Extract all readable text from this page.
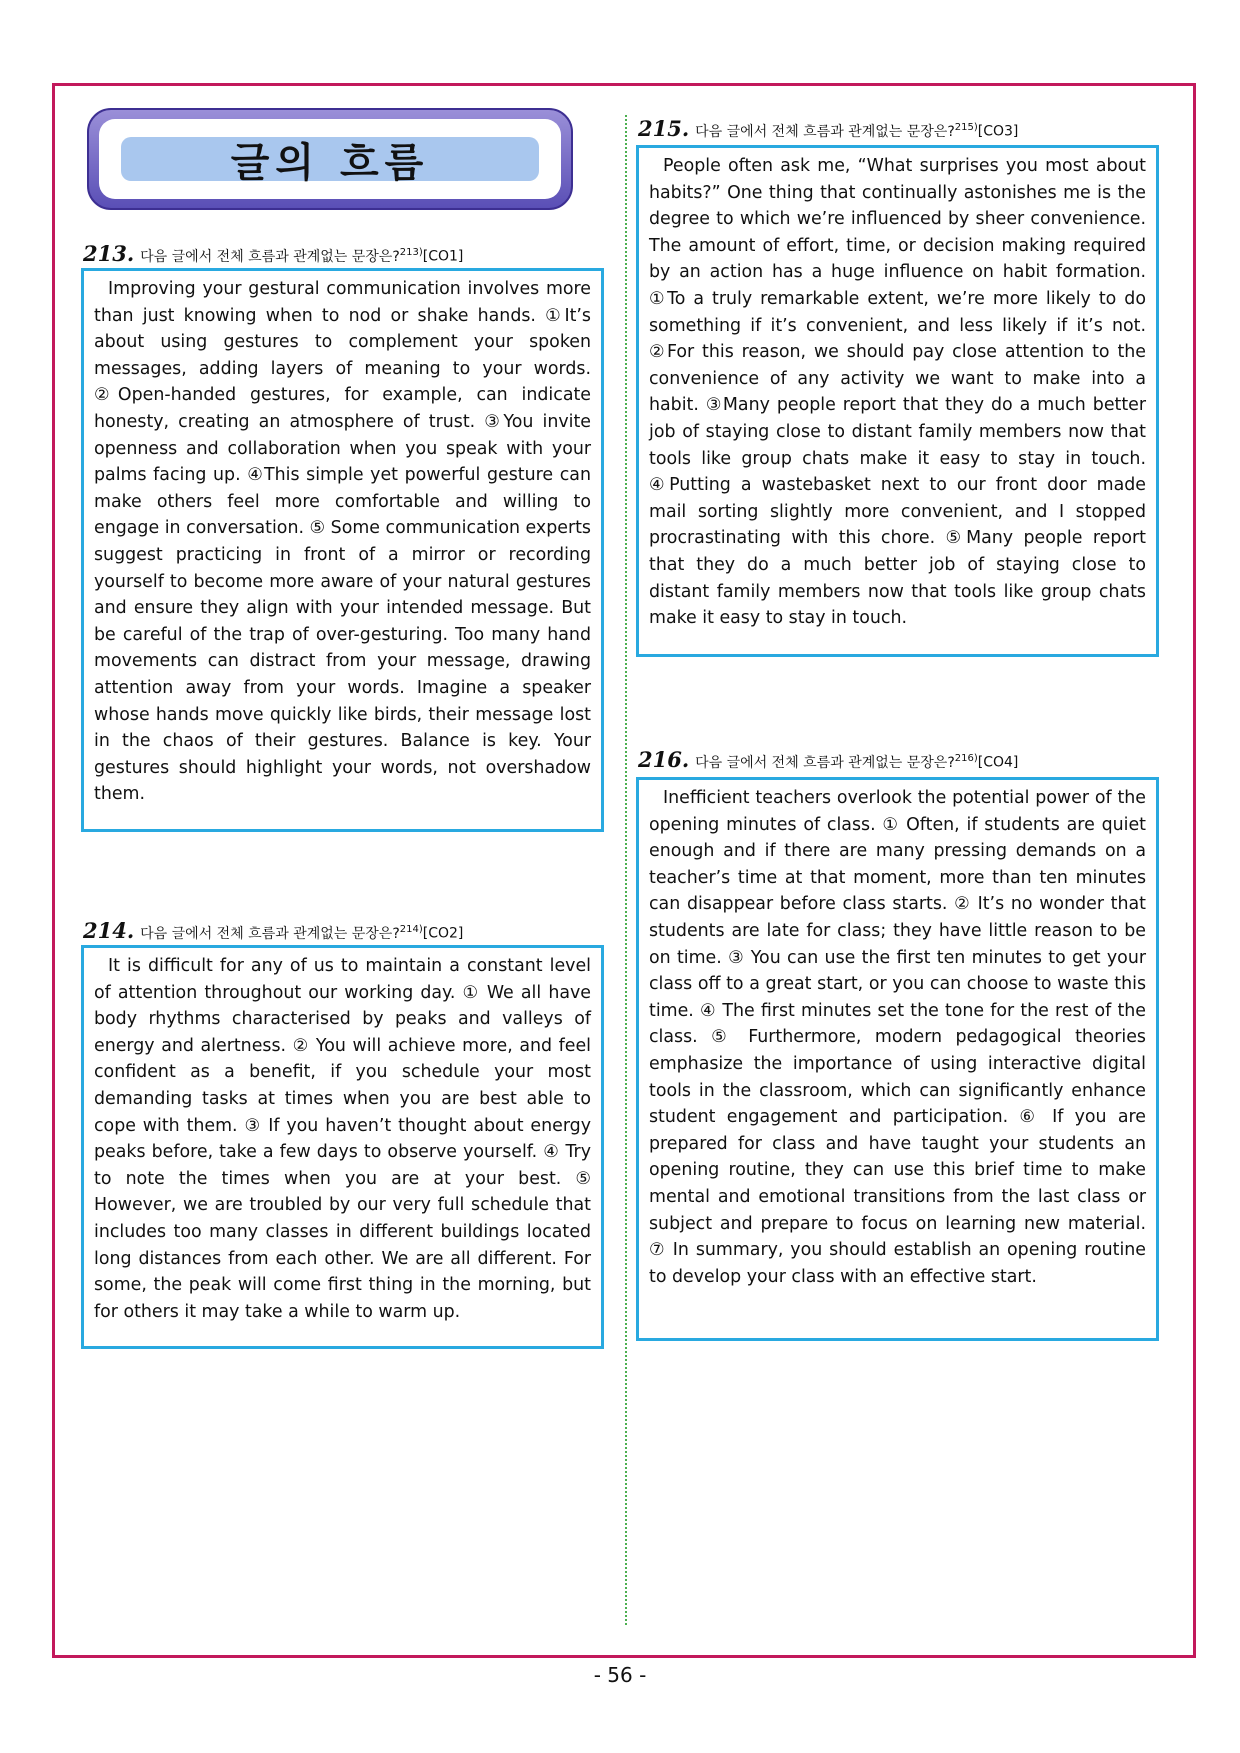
글의 흐름
213. 다음 글에서 전체 흐름과 관계없는 문장은? $^{213)}$[CO1]

Improving your gestural communication involves more than just knowing when to nod or shake hands. ①It’s about using gestures to complement your spoken messages, adding layers of meaning to your words. ②Open-handed gestures, for example, can indicate honesty, creating an atmosphere of trust. ③You invite openness and collaboration when you speak with your palms facing up. ④This simple yet powerful gesture can make others feel more comfortable and willing to engage in conversation. ⑤ Some communication experts suggest practicing in front of a mirror or recording yourself to become more aware of your natural gestures and ensure they align with your intended message. But be careful of the trap of over-gesturing. Too many hand movements can distract from your message, drawing attention away from your words. Imagine a speaker whose hands move quickly like birds, their message lost in the chaos of their gestures. Balance is key. Your gestures should highlight your words, not overshadow them.

214. 다음 글에서 전체 흐름과 관계없는 문장은? $^{214)}$[CO2]

It is difficult for any of us to maintain a constant level of attention throughout our working day. ① We all have body rhythms characterised by peaks and valleys of energy and alertness. ② You will achieve more, and feel confident as a benefit, if you schedule your most demanding tasks at times when you are best able to cope with them. ③ If you haven’t thought about energy peaks before, take a few days to observe yourself. ④ Try to note the times when you are at your best. ⑤ However, we are troubled by our very full schedule that includes too many classes in different buildings located long distances from each other. We are all different. For some, the peak will come first thing in the morning, but for others it may take a while to warm up.

215. 다음 글에서 전체 흐름과 관계없는 문장은? $^{215)}$[CO3]

People often ask me, “What surprises you most about habits?” One thing that continually astonishes me is the degree to which we’re influenced by sheer convenience. The amount of effort, time, or decision making required by an action has a huge influence on habit formation. ①To a truly remarkable extent, we’re more likely to do something if it’s convenient, and less likely if it’s not. ②For this reason, we should pay close attention to the convenience of any activity we want to make into a habit. ③Many people report that they do a much better job of staying close to distant family members now that tools like group chats make it easy to stay in touch. ④Putting a wastebasket next to our front door made mail sorting slightly more convenient, and I stopped procrastinating with this chore. ⑤Many people report that they do a much better job of staying close to distant family members now that tools like group chats make it easy to stay in touch.

216. 다음 글에서 전체 흐름과 관계없는 문장은? $^{216)}$[CO4]

Inefficient teachers overlook the potential power of the opening minutes of class. ① Often, if students are quiet enough and if there are many pressing demands on a teacher’s time at that moment, more than ten minutes can disappear before class starts. ② It’s no wonder that students are late for class; they have little reason to be on time. ③ You can use the first ten minutes to get your class off to a great start, or you can choose to waste this time. ④ The first minutes set the tone for the rest of the class. ⑤ Furthermore, modern pedagogical theories emphasize the importance of using interactive digital tools in the classroom, which can significantly enhance student engagement and participation. ⑥ If you are prepared for class and have taught your students an opening routine, they can use this brief time to make mental and emotional transitions from the last class or subject and prepare to focus on learning new material. ⑦ In summary, you should establish an opening routine to develop your class with an effective start.

- 56 -
